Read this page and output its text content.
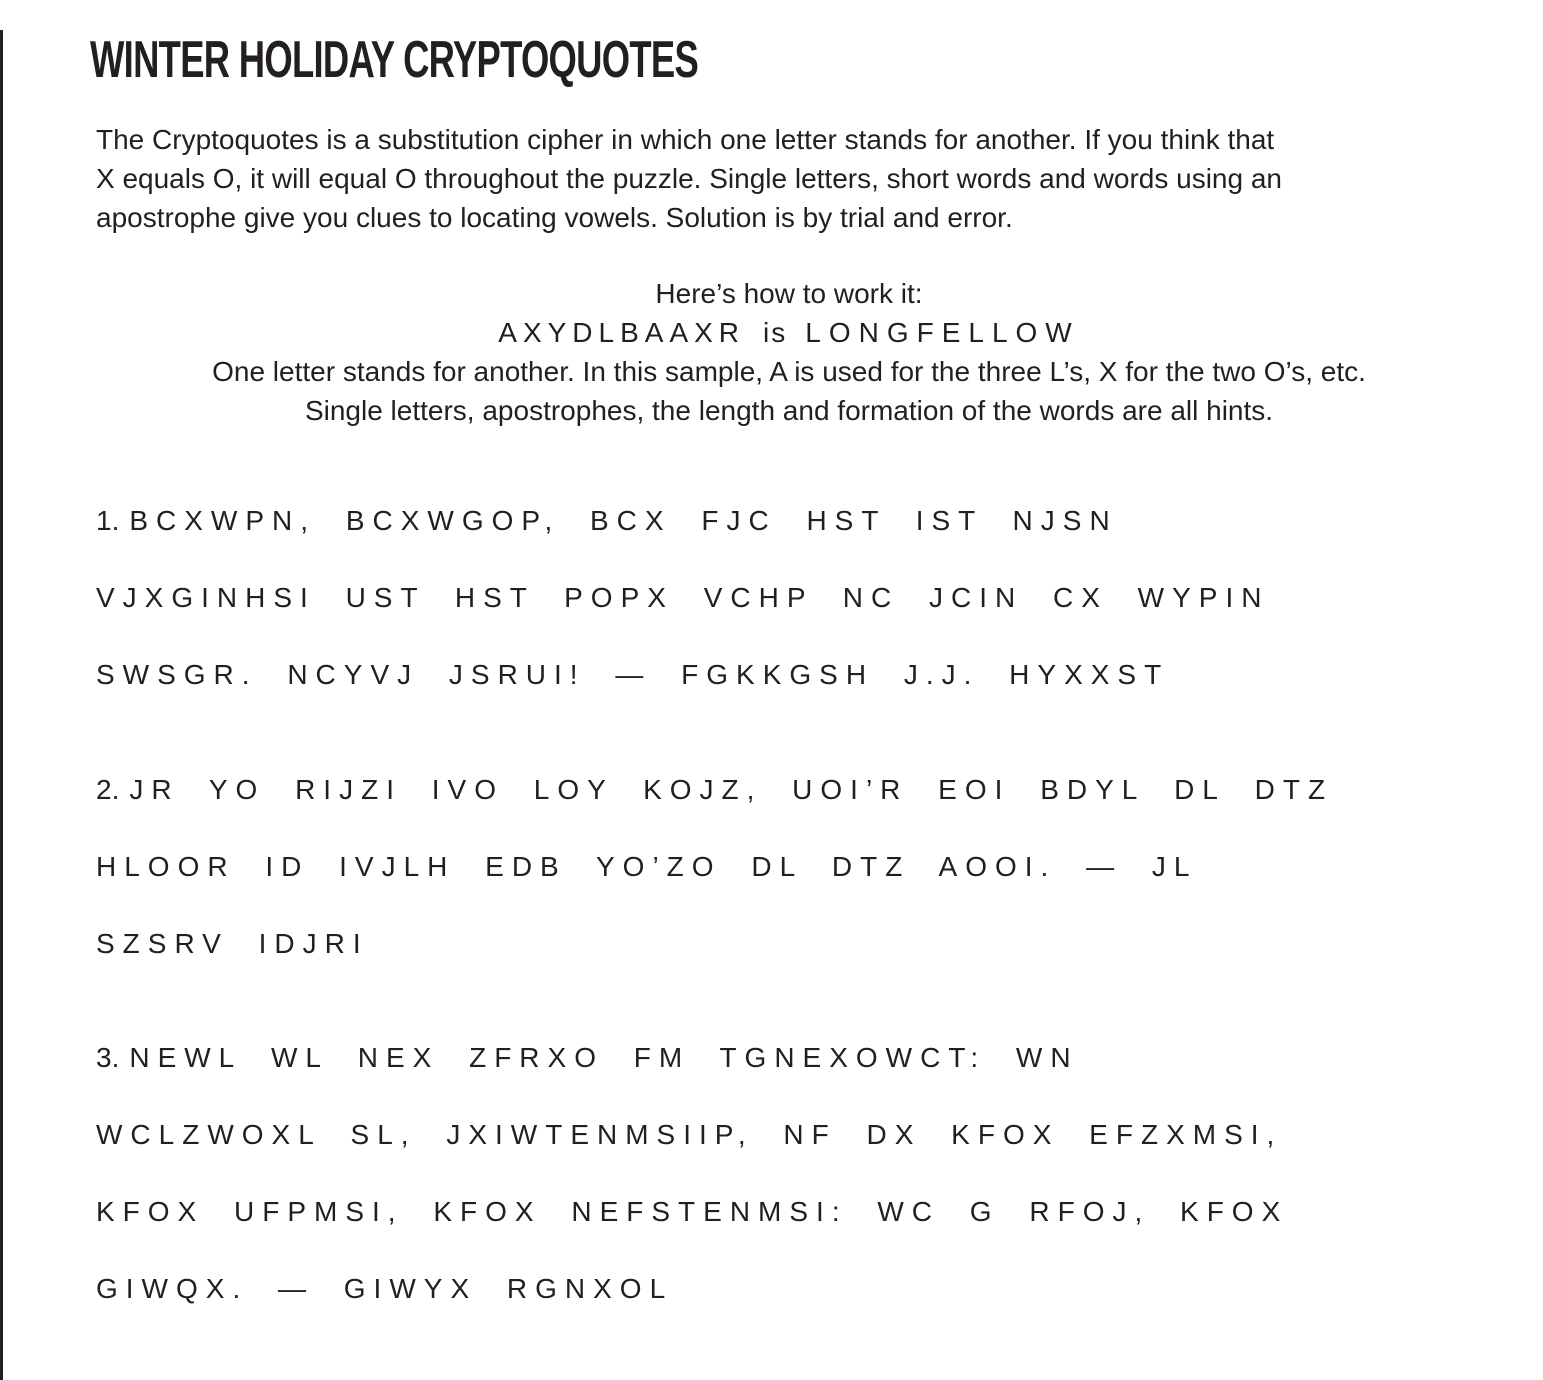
WINTER HOLIDAY CRYPTOQUOTES
The Cryptoquotes is a substitution cipher in which one letter stands for another. If you think that
X equals O, it will equal O throughout the puzzle. Single letters, short words and words using an
apostrophe give you clues to locating vowels. Solution is by trial and error.
Here’s how to work it:
AXYDLBAAXR is LONGFELLOW
One letter stands for another. In this sample, A is used for the three L’s, X for the two O’s, etc.
Single letters, apostrophes, the length and formation of the words are all hints.
1. BCXWPN, BCXWGOP, BCX FJC HST IST NJSN
VJXGINHSI UST HST POPX VCHP NC JCIN CX WYPIN
SWSGR. NCYVJ JSRUI! — FGKKGSH J.J. HYXXST
2. JR YO RIJZI IVO LOY KOJZ, UOI’R EOI BDYL DL DTZ
HLOOR ID IVJLH EDB YO’ZO DL DTZ AOOI. — JL
SZSRV IDJRI
3. NEWL WL NEX ZFRXO FM TGNEXOWCT: WN
WCLZWOXL SL, JXIWTENMSIIP, NF DX KFOX EFZXMSI,
KFOX UFPMSI, KFOX NEFSTENMSI: WC G RFOJ, KFOX
GIWQX. — GIWYX RGNXOL
